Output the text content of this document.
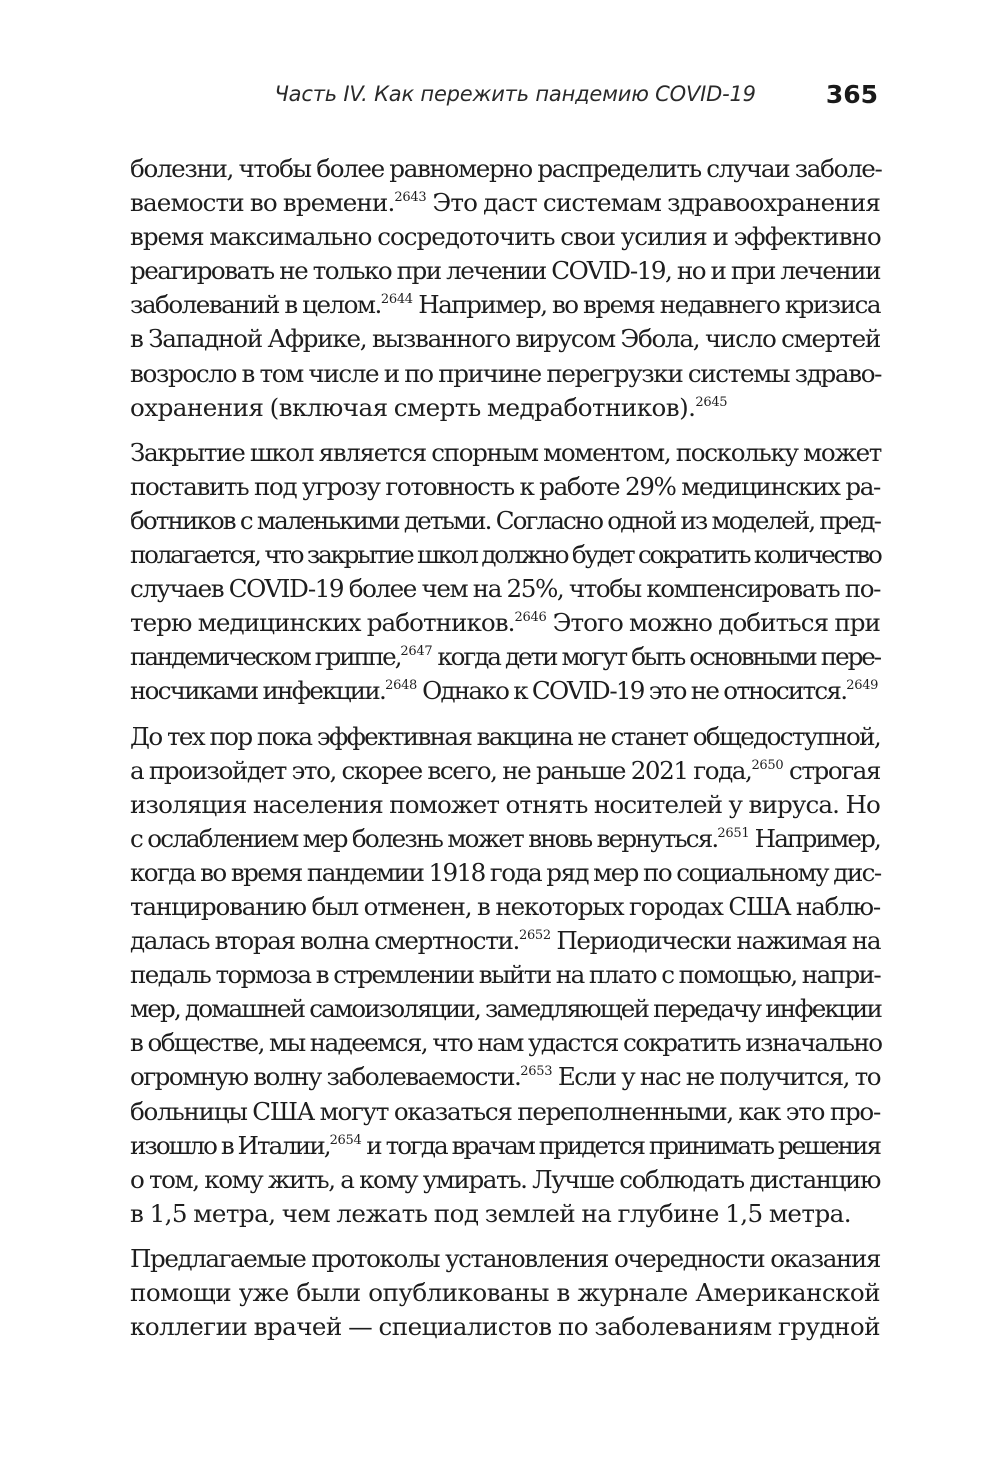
Часть IV. Как пережить пандемию COVID-19	365
болезни, чтобы более равномерно распределить случаи заболе-
ваемости во времени.$^{2643}$ Это даст системам здравоохранения
время максимально сосредоточить свои усилия и эффективно
реагировать не только при лечении COVID-19, но и при лечении
заболеваний в целом.$^{2644}$ Например, во время недавнего кризиса
в Западной Африке, вызванного вирусом Эбола, число смертей
возросло в том числе и по причине перегрузки системы здраво-
охранения (включая смерть медработников).$^{2645}$
Закрытие школ является спорным моментом, поскольку может
поставить под угрозу готовность к работе 29% медицинских ра-
ботников с маленькими детьми. Согласно одной из моделей, пред-
полагается, что закрытие школ должно будет сократить количество
случаев COVID-19 более чем на 25%, чтобы компенсировать по-
терю медицинских работников.$^{2646}$ Этого можно добиться при
пандемическом гриппе,$^{2647}$ когда дети могут быть основными пере-
носчиками инфекции.$^{2648}$ Однако к COVID-19 это не относится.$^{2649}$
До тех пор пока эффективная вакцина не станет общедоступной,
а произойдет это, скорее всего, не раньше 2021 года,$^{2650}$ строгая
изоляция населения поможет отнять носителей у вируса. Но
с ослаблением мер болезнь может вновь вернуться.$^{2651}$ Например,
когда во время пандемии 1918 года ряд мер по социальному дис-
танцированию был отменен, в некоторых городах США наблю-
далась вторая волна смертности.$^{2652}$ Периодически нажимая на
педаль тормоза в стремлении выйти на плато с помощью, напри-
мер, домашней самоизоляции, замедляющей передачу инфекции
в обществе, мы надеемся, что нам удастся сократить изначально
огромную волну заболеваемости.$^{2653}$ Если у нас не получится, то
больницы США могут оказаться переполненными, как это про-
изошло в Италии,$^{2654}$ и тогда врачам придется принимать решения
о том, кому жить, а кому умирать. Лучше соблюдать дистанцию
в 1,5 метра, чем лежать под землей на глубине 1,5 метра.
Предлагаемые протоколы установления очередности оказания
помощи уже были опубликованы в журнале Американской
коллегии врачей — специалистов по заболеваниям грудной
